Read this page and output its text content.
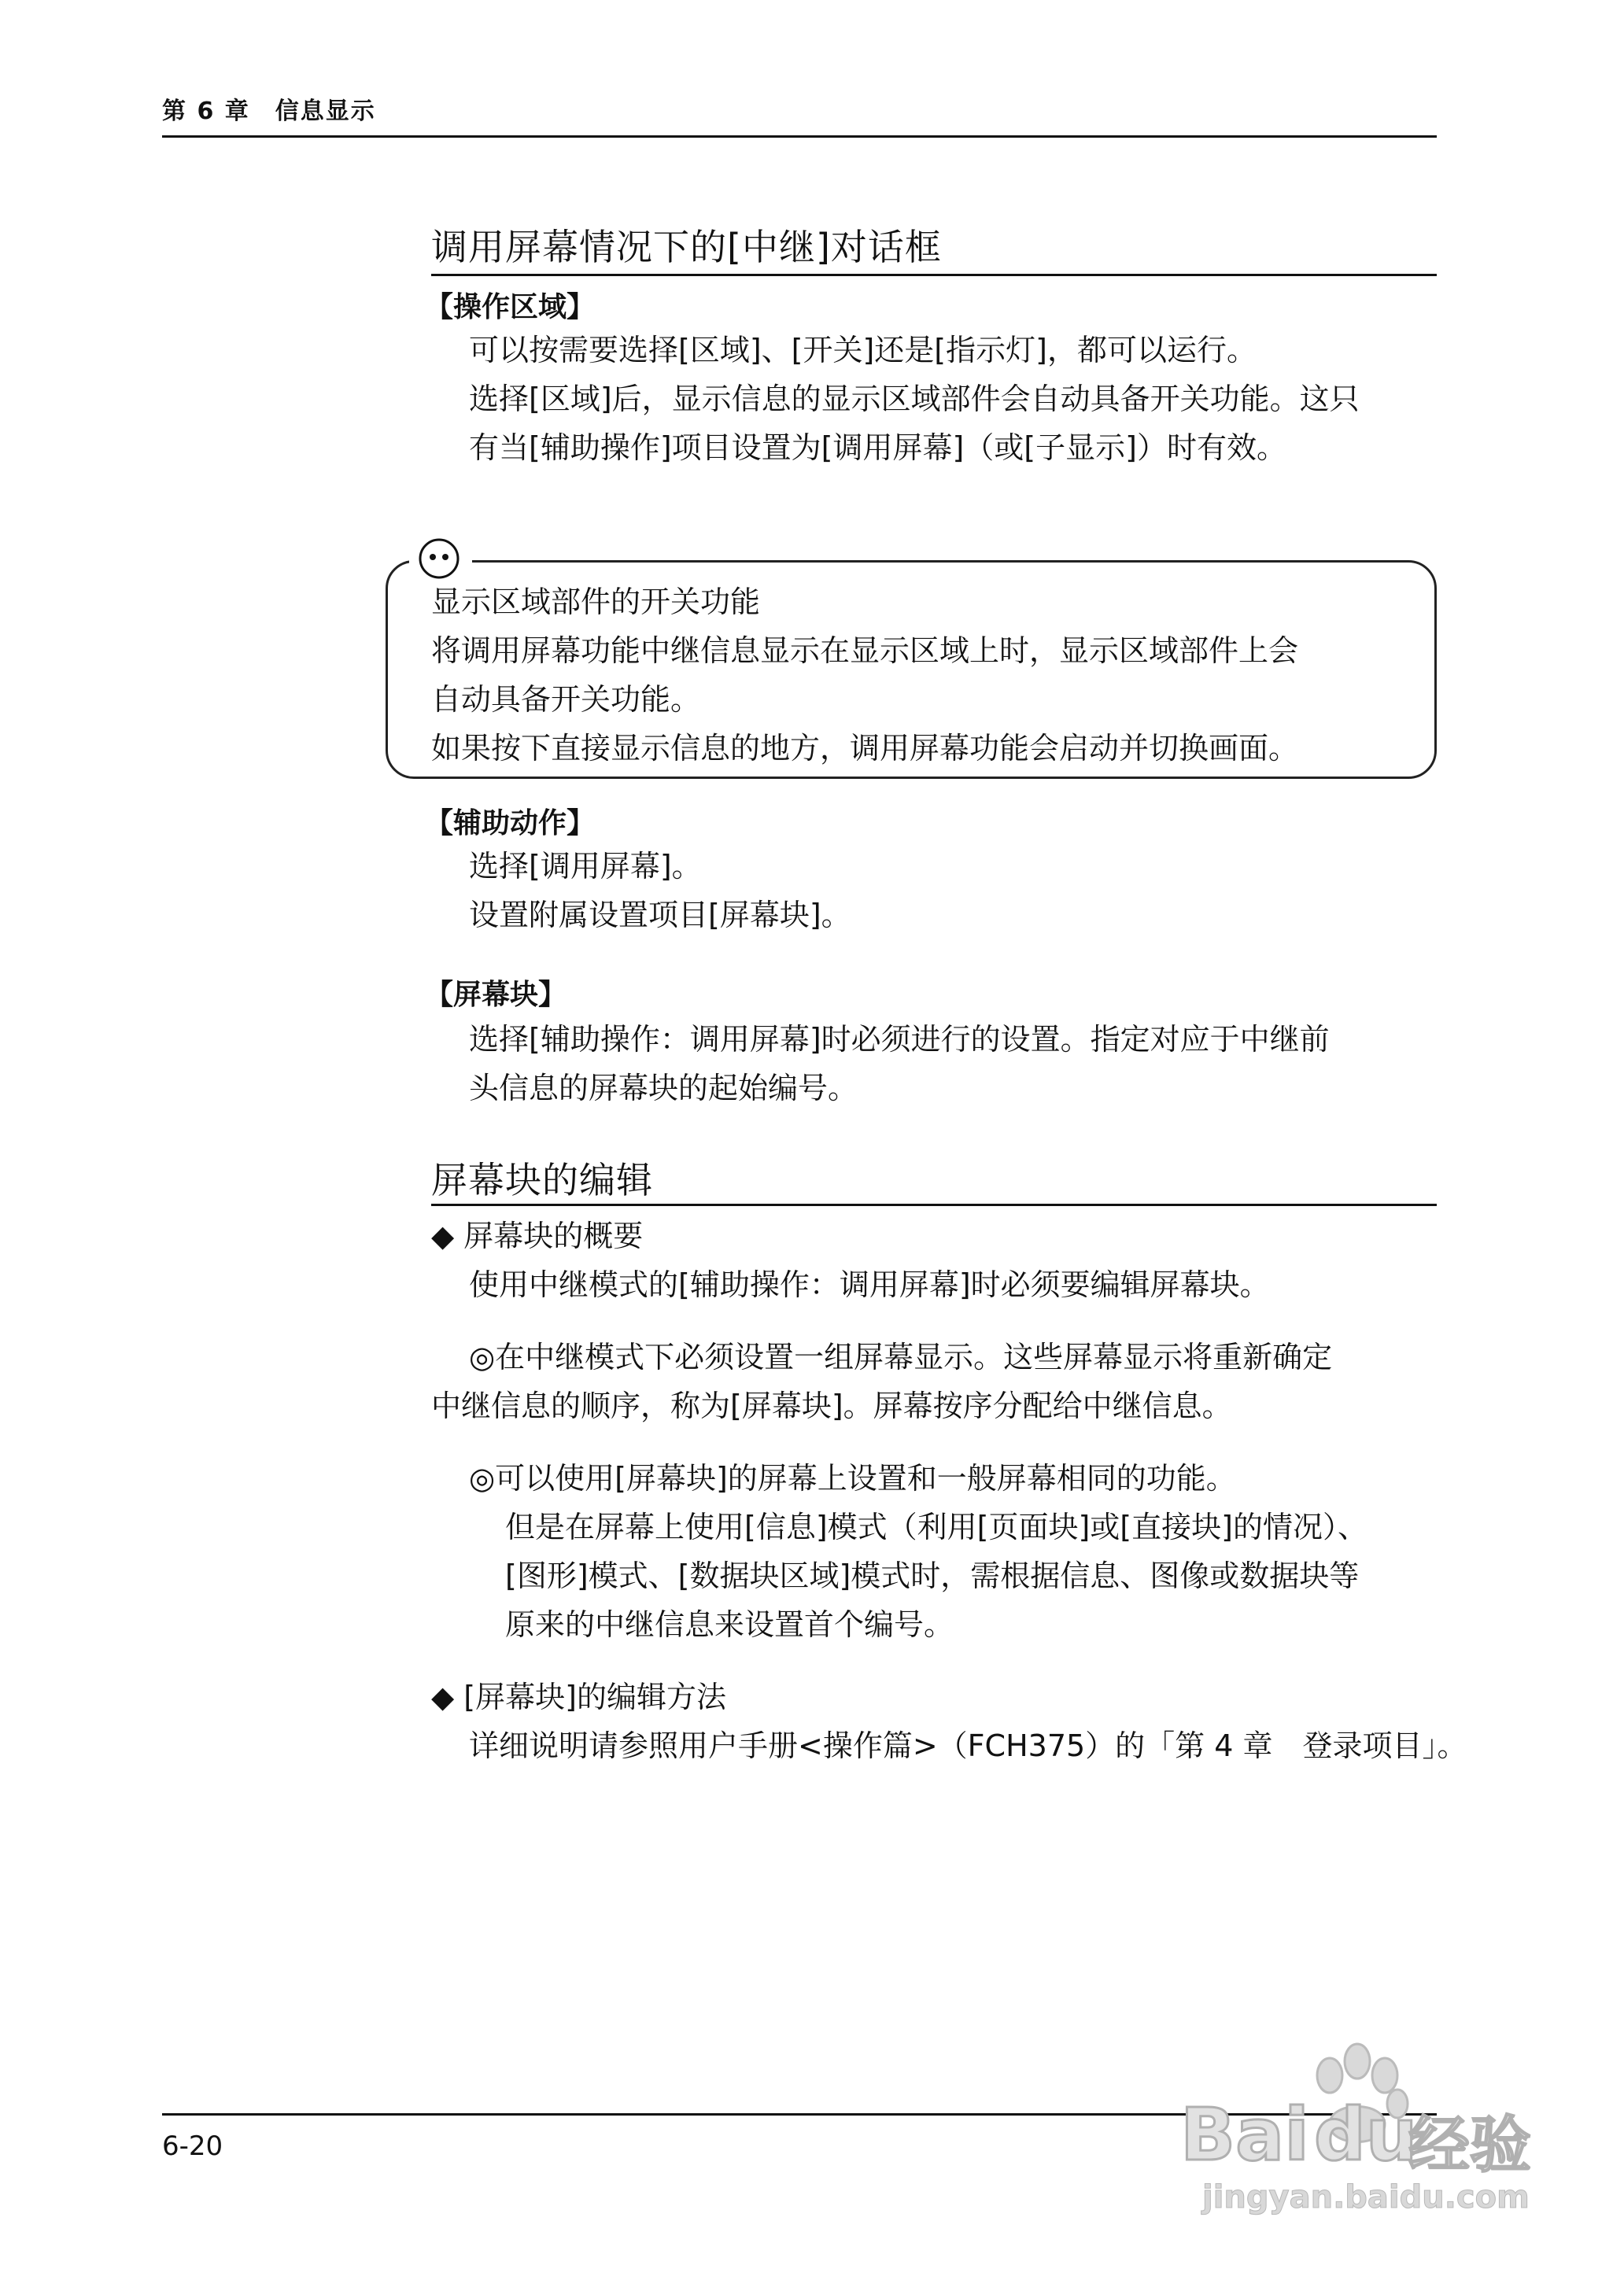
第 6 章　信息显示
调用屏幕情况下的[中继]对话框
【操作区域】
可以按需要选择[区域]、[开关]还是[指示灯]，都可以运行。
选择[区域]后，显示信息的显示区域部件会自动具备开关功能。这只
有当[辅助操作]项目设置为[调用屏幕]（或[子显示]）时有效。
显示区域部件的开关功能
将调用屏幕功能中继信息显示在显示区域上时，显示区域部件上会
自动具备开关功能。
如果按下直接显示信息的地方，调用屏幕功能会启动并切换画面。
【辅助动作】
选择[调用屏幕]。
设置附属设置项目[屏幕块]。
【屏幕块】
选择[辅助操作：调用屏幕]时必须进行的设置。指定对应于中继前
头信息的屏幕块的起始编号。
屏幕块的编辑
◆ 屏幕块的概要
使用中继模式的[辅助操作：调用屏幕]时必须要编辑屏幕块。
◎在中继模式下必须设置一组屏幕显示。这些屏幕显示将重新确定
中继信息的顺序，称为[屏幕块]。屏幕按序分配给中继信息。
◎可以使用[屏幕块]的屏幕上设置和一般屏幕相同的功能。
但是在屏幕上使用[信息]模式（利用[页面块]或[直接块]的情况）、
[图形]模式、[数据块区域]模式时，需根据信息、图像或数据块等
原来的中继信息来设置首个编号。
◆ [屏幕块]的编辑方法
详细说明请参照用户手册<操作篇>（FCH375）的「第 4 章　登录项目」。
6-20	Bai du
经验
jingyan.baidu.com
